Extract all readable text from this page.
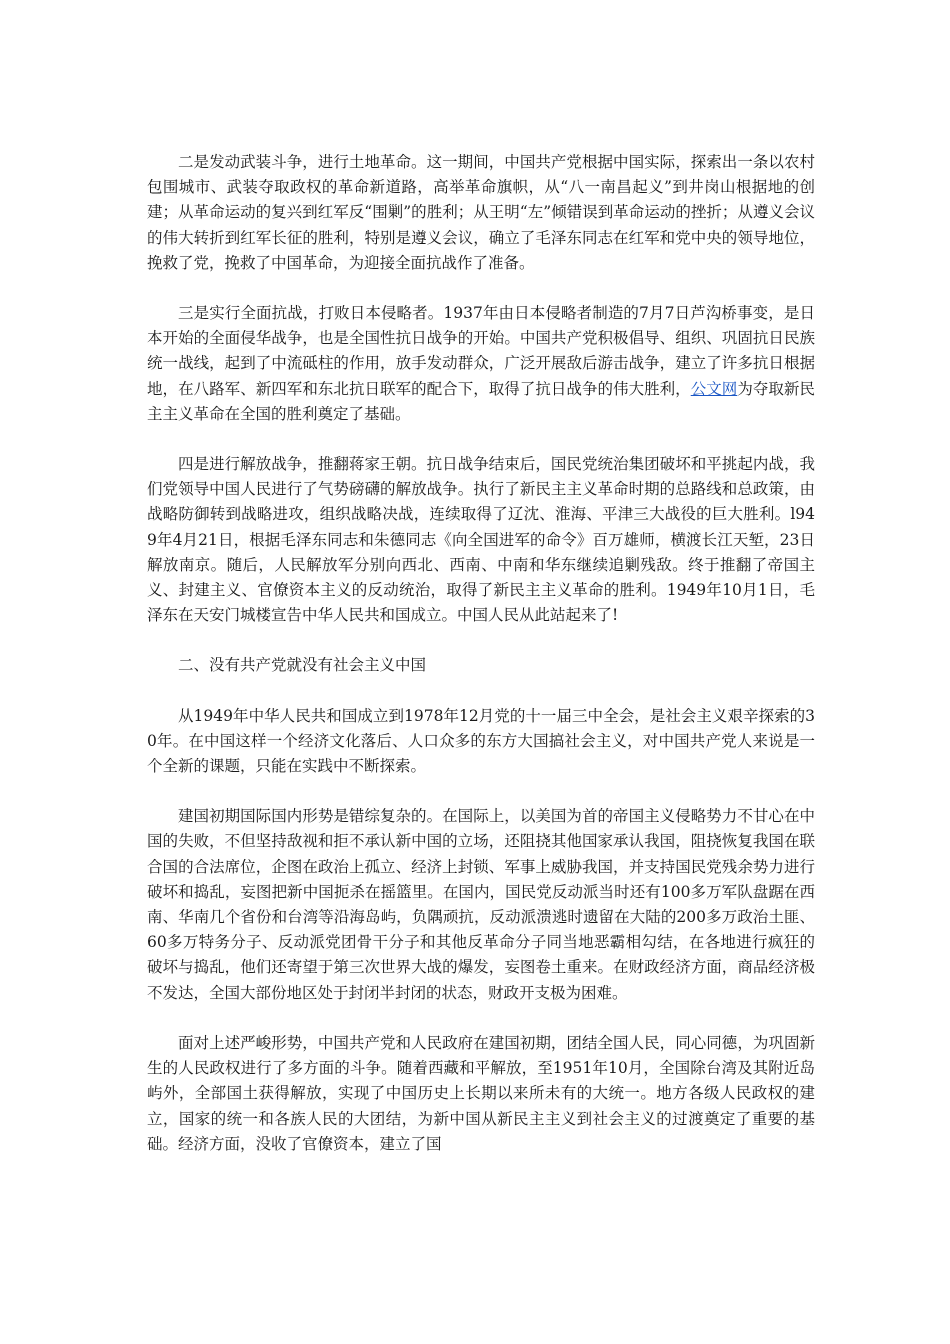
二是发动武装斗争，进行土地革命。这一期间，中国共产党根据中国实际，探索出一条以农村包围城市、武装夺取政权的革命新道路，高举革命旗帜，从“八一南昌起义”到井岗山根据地的创建；从革命运动的复兴到红军反“围剿”的胜利；从王明“左”倾错误到革命运动的挫折；从遵义会议的伟大转折到红军长征的胜利，特别是遵义会议，确立了毛泽东同志在红军和党中央的领导地位，挽救了党，挽救了中国革命，为迎接全面抗战作了准备。

三是实行全面抗战，打败日本侵略者。1937年由日本侵略者制造的7月7日芦沟桥事变，是日本开始的全面侵华战争，也是全国性抗日战争的开始。中国共产党积极倡导、组织、巩固抗日民族统一战线，起到了中流砥柱的作用，放手发动群众，广泛开展敌后游击战争，建立了许多抗日根据地，在八路军、新四军和东北抗日联军的配合下，取得了抗日战争的伟大胜利，公文网为夺取新民主主义革命在全国的胜利奠定了基础。

四是进行解放战争，推翻蒋家王朝。抗日战争结束后，国民党统治集团破坏和平挑起内战，我们党领导中国人民进行了气势磅礴的解放战争。执行了新民主主义革命时期的总路线和总政策，由战略防御转到战略进攻，组织战略决战，连续取得了辽沈、淮海、平津三大战役的巨大胜利。l949年4月21日，根据毛泽东同志和朱德同志《向全国进军的命令》百万雄师，横渡长江天堑，23日解放南京。随后，人民解放军分别向西北、西南、中南和华东继续追剿残敌。终于推翻了帝国主义、封建主义、官僚资本主义的反动统治，取得了新民主主义革命的胜利。1949年10月1日，毛泽东在天安门城楼宣告中华人民共和国成立。中国人民从此站起来了!

二、没有共产党就没有社会主义中国

从1949年中华人民共和国成立到1978年12月党的十一届三中全会，是社会主义艰辛探索的30年。在中国这样一个经济文化落后、人口众多的东方大国搞社会主义，对中国共产党人来说是一个全新的课题，只能在实践中不断探索。

建国初期国际国内形势是错综复杂的。在国际上，以美国为首的帝国主义侵略势力不甘心在中国的失败，不但坚持敌视和拒不承认新中国的立场，还阻挠其他国家承认我国，阻挠恢复我国在联合国的合法席位，企图在政治上孤立、经济上封锁、军事上威胁我国，并支持国民党残余势力进行破坏和捣乱，妄图把新中国扼杀在摇篮里。在国内，国民党反动派当时还有100多万军队盘踞在西南、华南几个省份和台湾等沿海岛屿，负隅顽抗，反动派溃逃时遗留在大陆的200多万政治土匪、60多万特务分子、反动派党团骨干分子和其他反革命分子同当地恶霸相勾结，在各地进行疯狂的破坏与捣乱，他们还寄望于第三次世界大战的爆发，妄图卷土重来。在财政经济方面，商品经济极不发达，全国大部份地区处于封闭半封闭的状态，财政开支极为困难。

面对上述严峻形势，中国共产党和人民政府在建国初期，团结全国人民，同心同德，为巩固新生的人民政权进行了多方面的斗争。随着西藏和平解放，至1951年10月，全国除台湾及其附近岛屿外，全部国土获得解放，实现了中国历史上长期以来所未有的大统一。地方各级人民政权的建立，国家的统一和各族人民的大团结，为新中国从新民主主义到社会主义的过渡奠定了重要的基础。经济方面，没收了官僚资本，建立了国
